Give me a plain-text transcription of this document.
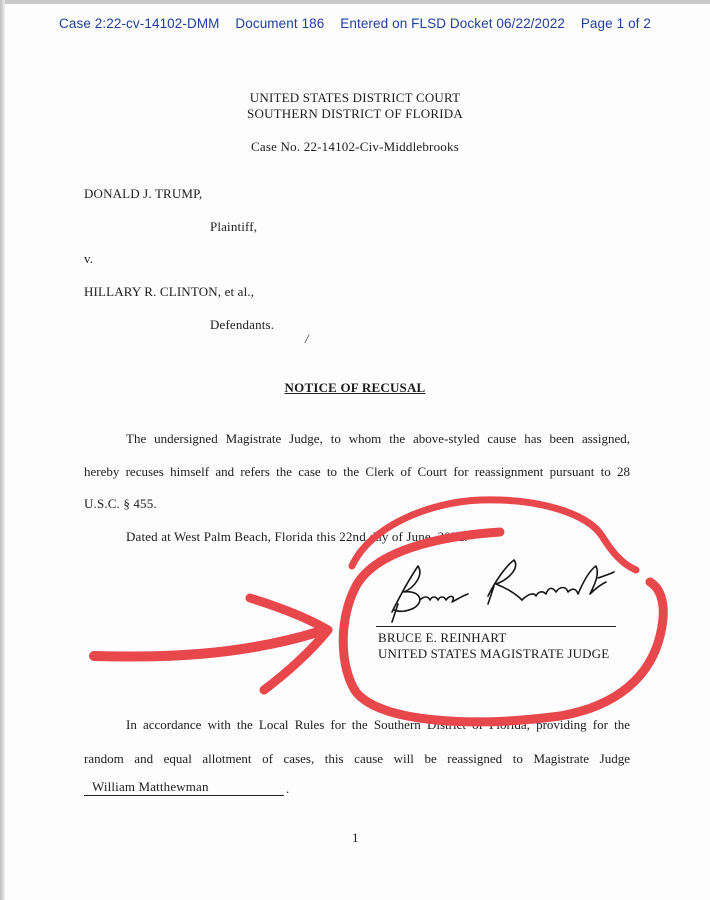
Case 2:22-cv-14102-DMM Document 186 Entered on FLSD Docket 06/22/2022 Page 1 of 2
UNITED STATES DISTRICT COURT
SOUTHERN DISTRICT OF FLORIDA
Case No. 22-14102-Civ-Middlebrooks
DONALD J. TRUMP,
Plaintiff,
v.
HILLARY R. CLINTON, et al.,
Defendants.
/
NOTICE OF RECUSAL
The undersigned Magistrate Judge, to whom the above-styled cause has been assigned,
hereby recuses himself and refers the case to the Clerk of Court for reassignment pursuant to 28
U.S.C. § 455.
Dated at West Palm Beach, Florida this 22nd day of June, 2022.
BRUCE E. REINHART
UNITED STATES MAGISTRATE JUDGE
In accordance with the Local Rules for the Southern District of Florida, providing for the
random and equal allotment of cases, this cause will be reassigned to Magistrate Judge
William Matthewman	.
1
